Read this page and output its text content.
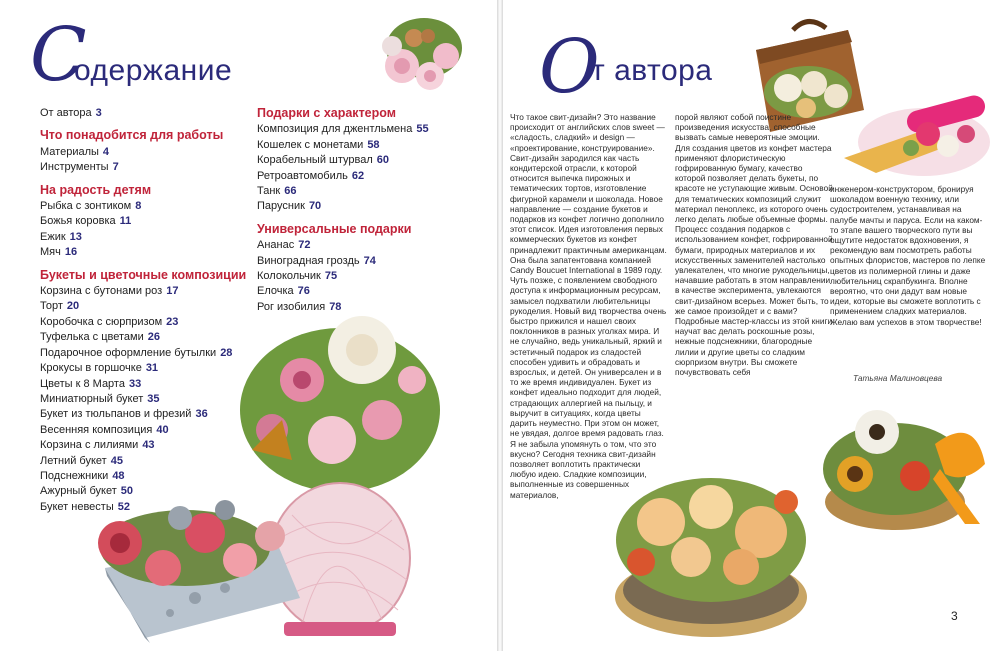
С
одержание
От автора 3
Что понадобится для работы
Материалы 4
Инструменты 7
На радость детям
Рыбка с зонтиком 8
Божья коровка 11
Ежик 13
Мяч 16
Букеты и цветочные композиции
Корзина с бутонами роз 17
Торт 20
Коробочка с сюрпризом 23
Туфелька с цветами 26
Подарочное оформление бутылки 28
Крокусы в горшочке 31
Цветы к 8 Марта 33
Миниатюрный букет 35
Букет из тюльпанов и фрезий 36
Весенняя композиция 40
Корзина с лилиями 43
Летний букет 45
Подснежники 48
Ажурный букет 50
Букет невесты 52
Подарки с характером
Композиция для джентльмена 55
Кошелек с монетами 58
Корабельный штурвал 60
Ретроавтомобиль 62
Танк 66
Парусник 70
Универсальные подарки
Ананас 72
Виноградная гроздь 74
Колокольчик 75
Елочка 76
Рог изобилия 78
О
т автора

Что такое свит-дизайн? Это название происходит от английских слов sweet — «сладость, сладкий» и design — «проектирование, конструирование». Свит-дизайн зародился как часть кондитерской отрасли, к которой относится выпечка пирожных и тематических тортов, изготовление фигурной карамели и шоколада. Новое направление — создание букетов и подарков из конфет логично дополнило этот список. Идея изготовления первых коммерческих букетов из конфет принадлежит практичным американцам. Она была запатентована компанией Candy Boucuet International в 1989 году. Чуть позже, с появлением свободного доступа к информационным ресурсам, замысел подхватили любительницы рукоделия. Новый вид творчества очень быстро прижился и нашел своих поклонников в разных уголках мира. И не случайно, ведь уникальный, яркий и эстетичный подарок из сладостей способен удивить и обрадовать и взрослых, и детей. Он универсален и в то же время индивидуален. Букет из конфет идеально подходит для людей, страдающих аллергией на пыльцу, и выручит в ситуациях, когда цветы дарить неуместно. При этом он может, не увядая, долгое время радовать глаз. Я не забыла упомянуть о том, что это вкусно? Сегодня техника свит-дизайн позволяет воплотить практически любую идею. Сладкие композиции, выполненные из совершенных материалов,

порой являют собой поистине произведения искусства, способные вызвать самые невероятные эмоции. Для создания цветов из конфет мастера применяют флористическую гофрированную бумагу, качество которой позволяет делать букеты, по красоте не уступающие живым. Основой для тематических композиций служит материал пеноплекс, из которого очень легко делать любые объемные формы. Процесс создания подарков с использованием конфет, гофрированной бумаги, природных материалов и их искусственных заменителей настолько увлекателен, что многие рукодельницы, начавшие работать в этом направлении в качестве эксперимента, увлекаются свит-дизайном всерьез. Может быть, то же самое произойдет и с вами? Подробные мастер-классы из этой книги научат вас делать роскошные розы, нежные подснежники, благородные лилии и другие цветы со сладким сюрпризом внутри. Вы сможете почувствовать себя

инженером-конструктором, бронируя шоколадом военную технику, или судостроителем, устанавливая на палубе мачты и паруса. Если на каком-то этапе вашего творческого пути вы ощутите недостаток вдохновения, я рекомендую вам посмотреть работы опытных флористов, мастеров по лепке цветов из полимерной глины и даже любительниц скрапбукинга. Вполне вероятно, что они дадут вам новые идеи, которые вы сможете воплотить с применением сладких материалов. Желаю вам успехов в этом творчестве!

Татьяна Малиновцева
3
